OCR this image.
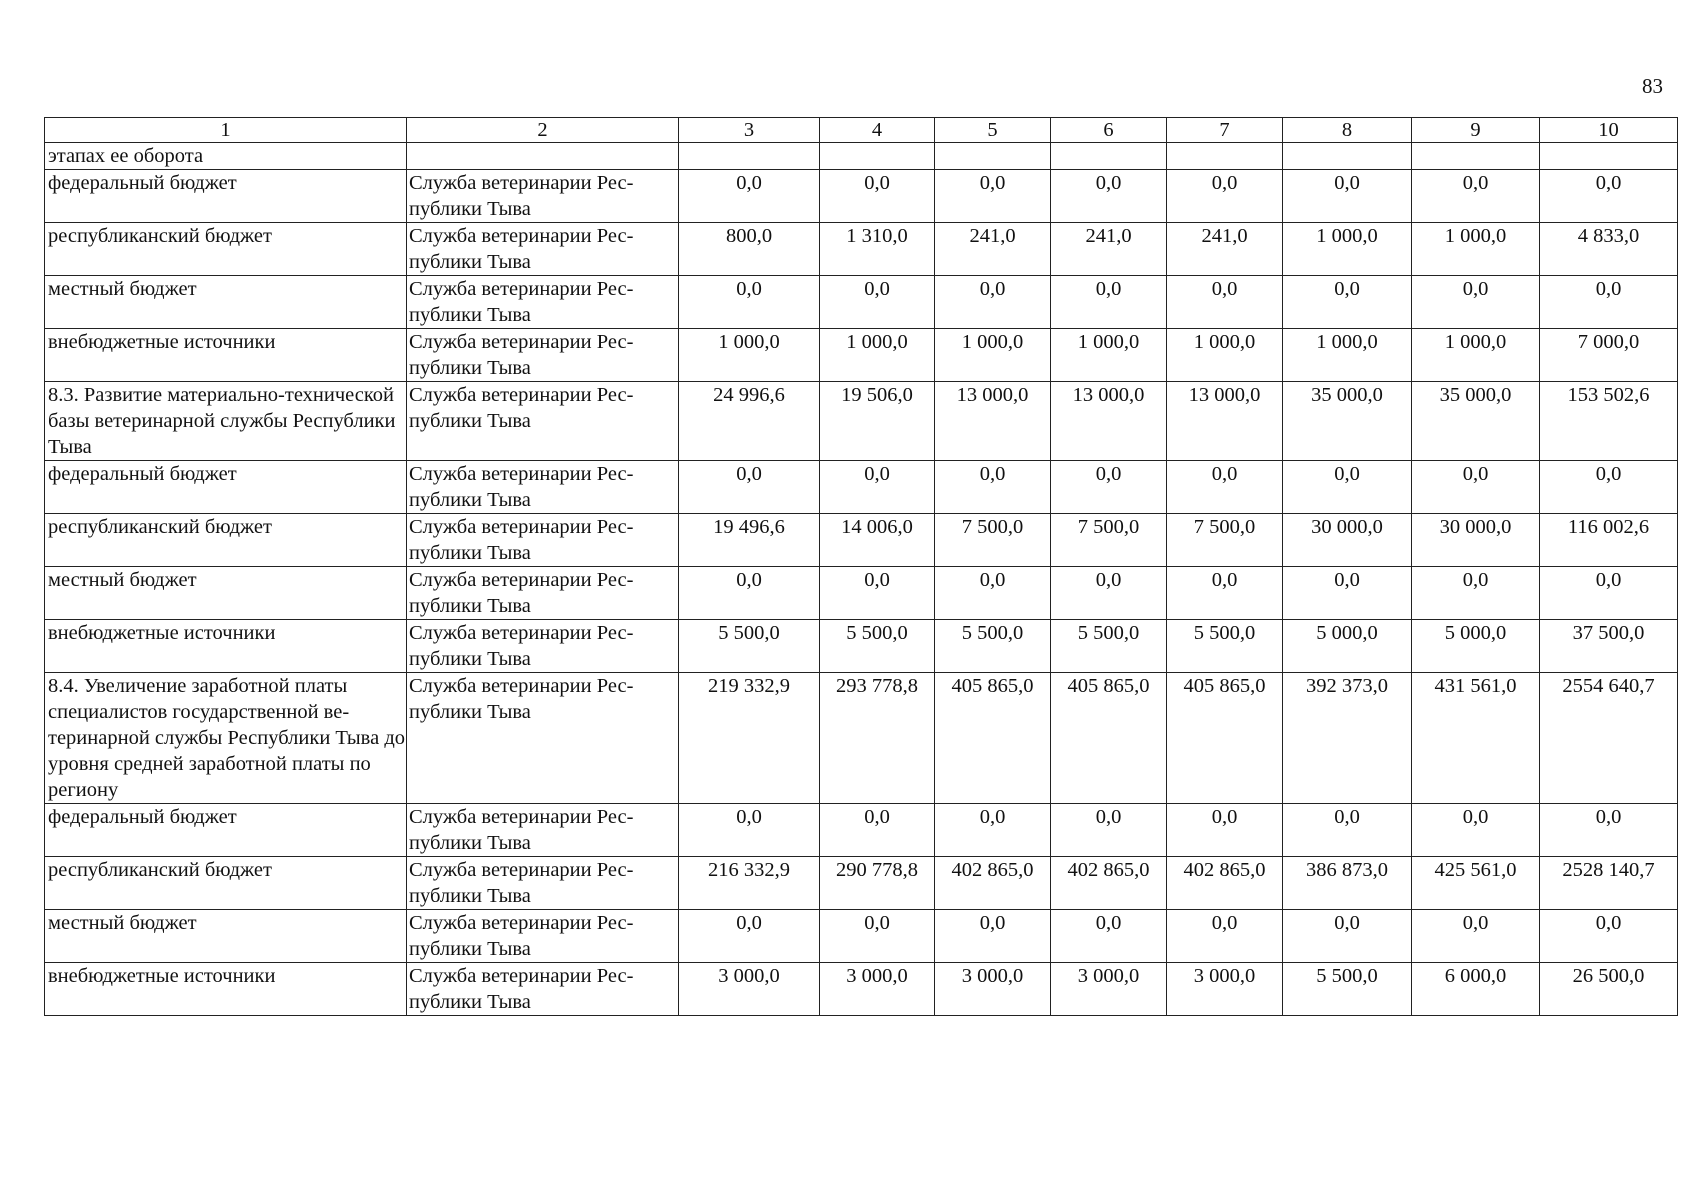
83
1	2	3	4	5	6	7	8	9	10
этапах ее оборота									
федеральный бюджет	Служба ветеринарии Рес-публики Тыва	0,0	0,0	0,0	0,0	0,0	0,0	0,0	0,0
республиканский бюджет	Служба ветеринарии Рес-публики Тыва	800,0	1 310,0	241,0	241,0	241,0	1 000,0	1 000,0	4 833,0
местный бюджет	Служба ветеринарии Рес-публики Тыва	0,0	0,0	0,0	0,0	0,0	0,0	0,0	0,0
внебюджетные источники	Служба ветеринарии Рес-публики Тыва	1 000,0	1 000,0	1 000,0	1 000,0	1 000,0	1 000,0	1 000,0	7 000,0
8.3. Развитие материально-технической базы ветеринарной службы Республики Тыва	Служба ветеринарии Рес-публики Тыва	24 996,6	19 506,0	13 000,0	13 000,0	13 000,0	35 000,0	35 000,0	153 502,6
федеральный бюджет	Служба ветеринарии Рес-публики Тыва	0,0	0,0	0,0	0,0	0,0	0,0	0,0	0,0
республиканский бюджет	Служба ветеринарии Рес-публики Тыва	19 496,6	14 006,0	7 500,0	7 500,0	7 500,0	30 000,0	30 000,0	116 002,6
местный бюджет	Служба ветеринарии Рес-публики Тыва	0,0	0,0	0,0	0,0	0,0	0,0	0,0	0,0
внебюджетные источники	Служба ветеринарии Рес-публики Тыва	5 500,0	5 500,0	5 500,0	5 500,0	5 500,0	5 000,0	5 000,0	37 500,0
8.4. Увеличение заработной платы специалистов государственной ве-теринарной службы Республики Тыва до уровня средней заработной платы по региону	Служба ветеринарии Рес-публики Тыва	219 332,9	293 778,8	405 865,0	405 865,0	405 865,0	392 373,0	431 561,0	2554 640,7
федеральный бюджет	Служба ветеринарии Рес-публики Тыва	0,0	0,0	0,0	0,0	0,0	0,0	0,0	0,0
республиканский бюджет	Служба ветеринарии Рес-публики Тыва	216 332,9	290 778,8	402 865,0	402 865,0	402 865,0	386 873,0	425 561,0	2528 140,7
местный бюджет	Служба ветеринарии Рес-публики Тыва	0,0	0,0	0,0	0,0	0,0	0,0	0,0	0,0
внебюджетные источники	Служба ветеринарии Рес-публики Тыва	3 000,0	3 000,0	3 000,0	3 000,0	3 000,0	5 500,0	6 000,0	26 500,0
